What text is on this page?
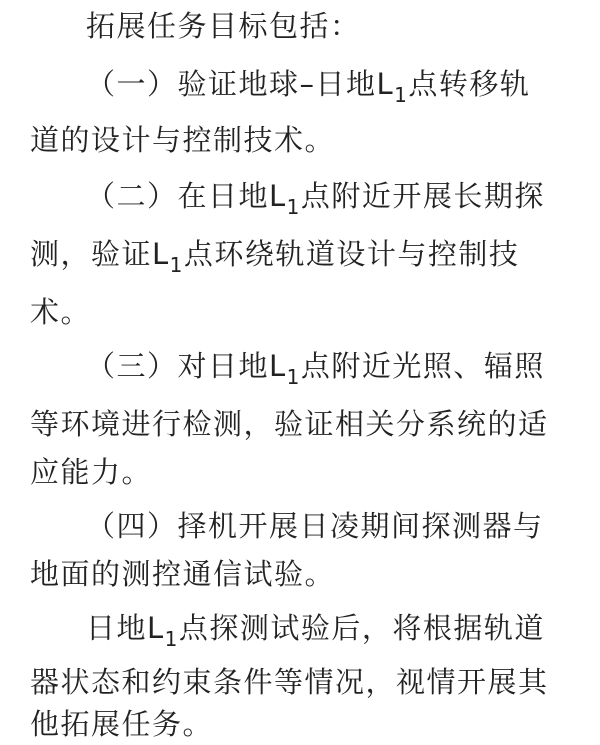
拓展任务目标包括：
（一）验证地球–日地$L_1$点转移轨
道的设计与控制技术。
（二）在日地$L_1$点附近开展长期探
测，验证$L_1$点环绕轨道设计与控制技
术。
（三）对日地$L_1$点附近光照、辐照
等环境进行检测，验证相关分系统的适
应能力。
（四）择机开展日凌期间探测器与
地面的测控通信试验。
日地$L_1$点探测试验后，将根据轨道
器状态和约束条件等情况，视情开展其
他拓展任务。
